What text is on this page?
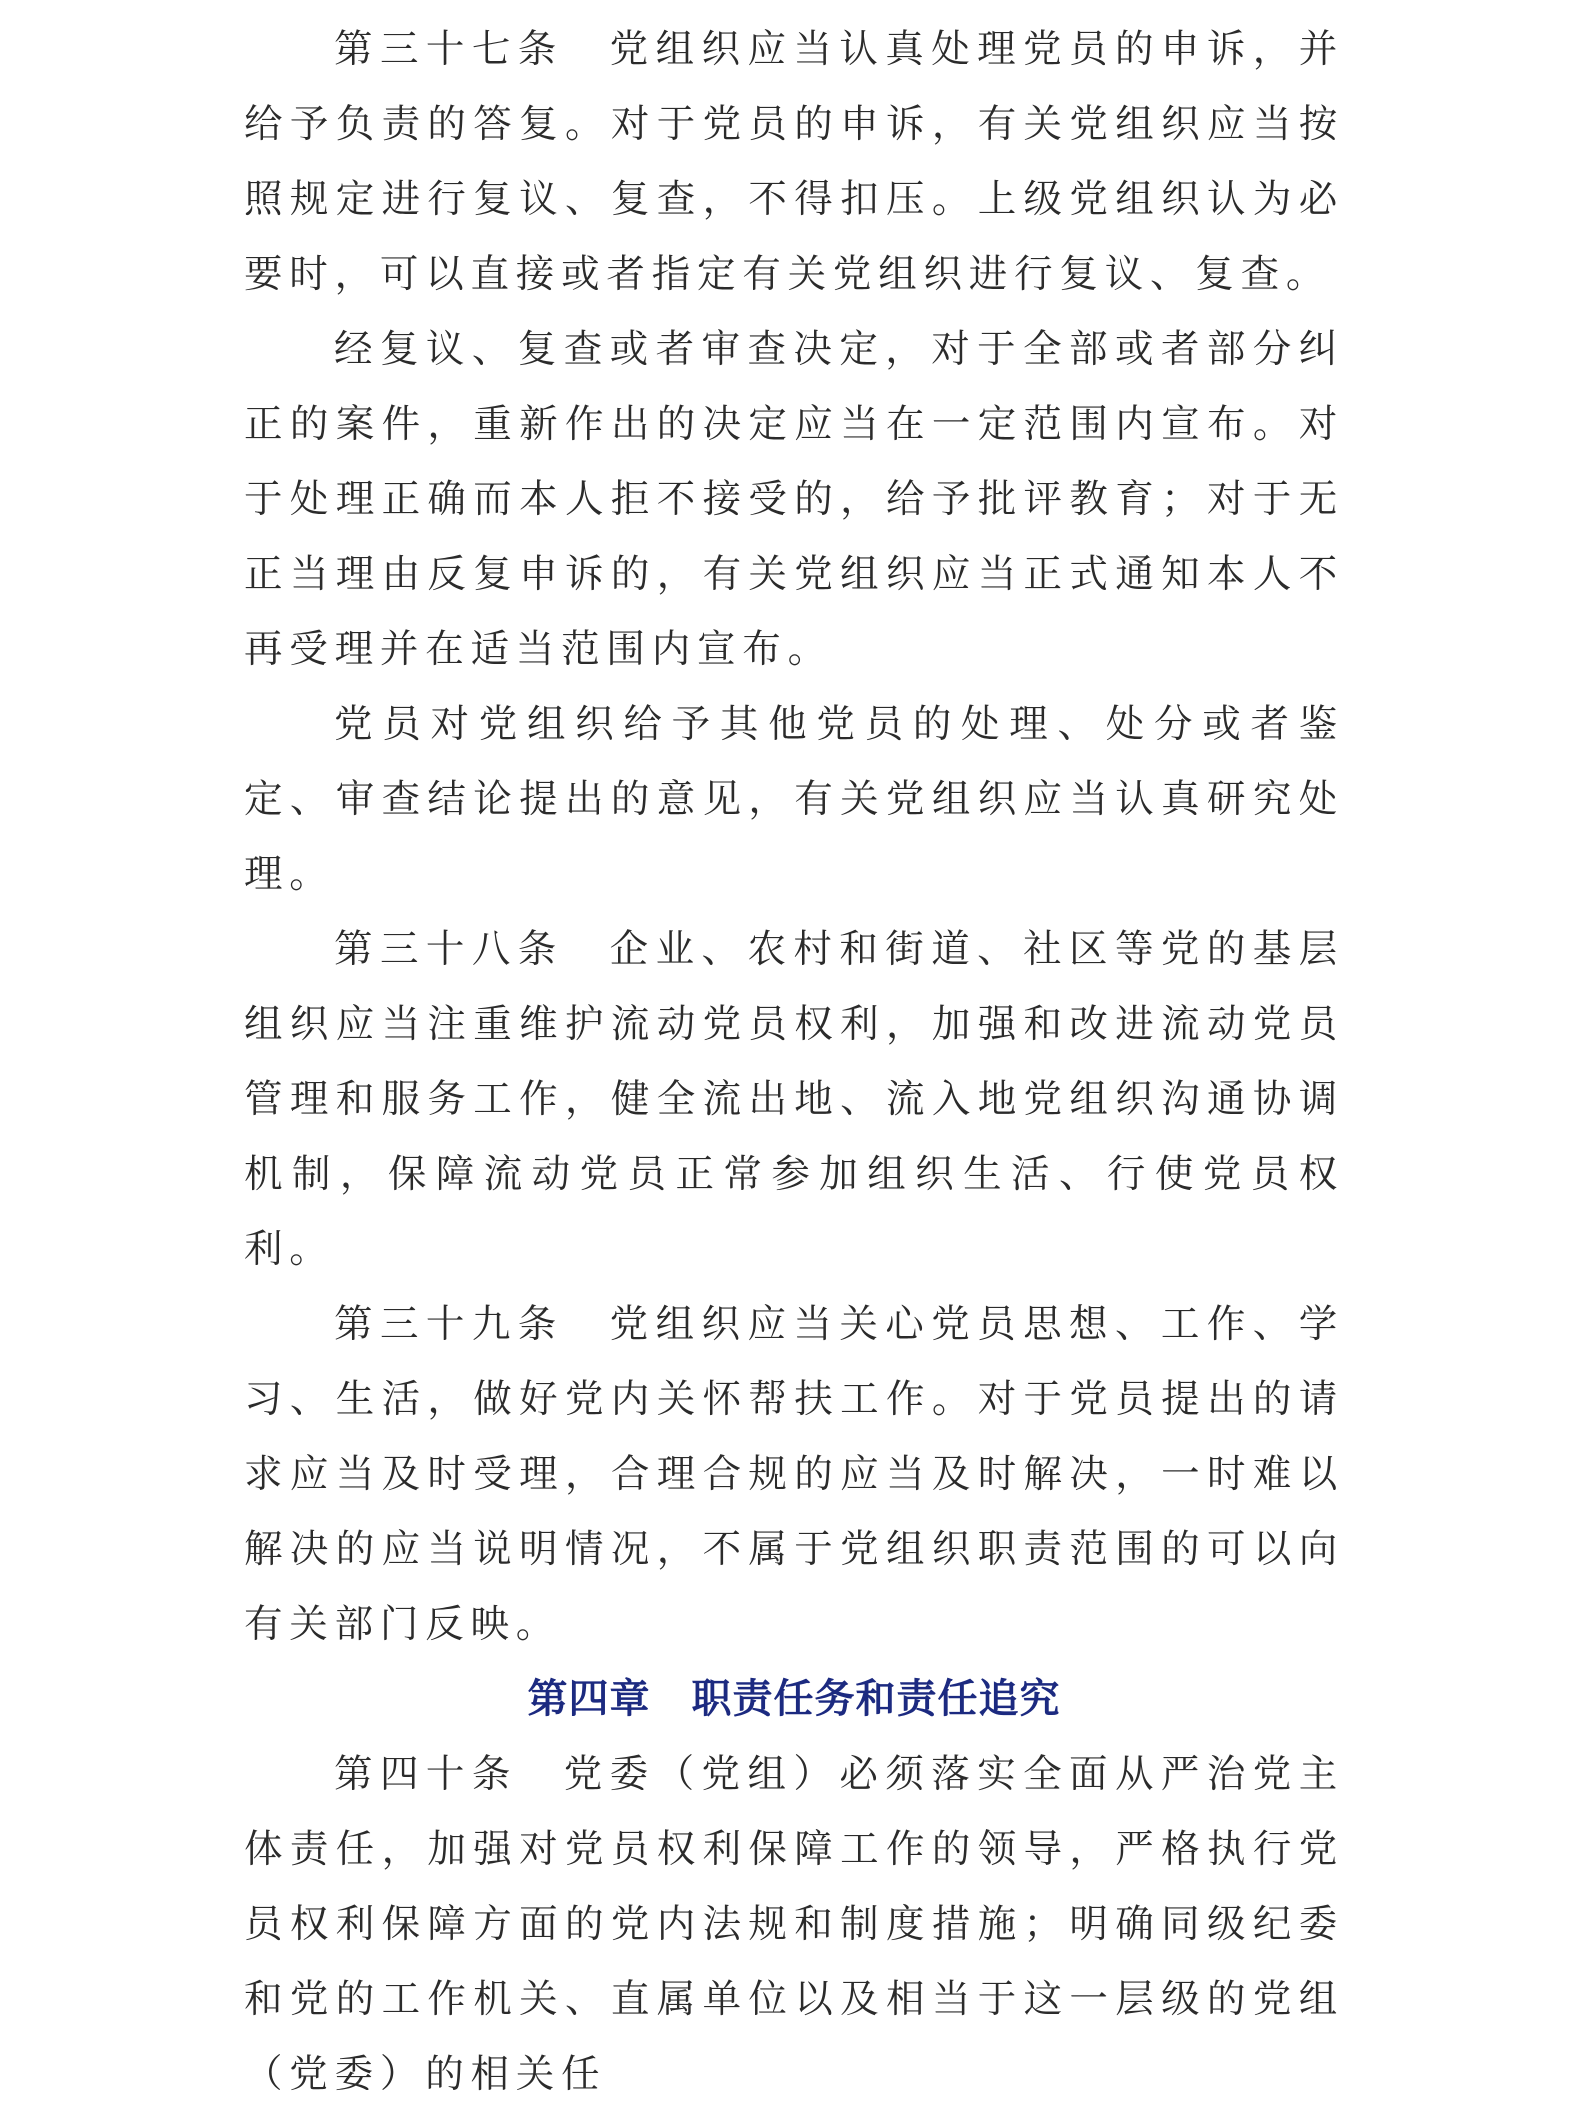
第三十七条　党组织应当认真处理党员的申诉，并给予负责的答复。对于党员的申诉，有关党组织应当按照规定进行复议、复查，不得扣压。上级党组织认为必要时，可以直接或者指定有关党组织进行复议、复查。

经复议、复查或者审查决定，对于全部或者部分纠正的案件，重新作出的决定应当在一定范围内宣布。对于处理正确而本人拒不接受的，给予批评教育；对于无正当理由反复申诉的，有关党组织应当正式通知本人不再受理并在适当范围内宣布。

党员对党组织给予其他党员的处理、处分或者鉴定、审查结论提出的意见，有关党组织应当认真研究处理。

第三十八条　企业、农村和街道、社区等党的基层组织应当注重维护流动党员权利，加强和改进流动党员管理和服务工作，健全流出地、流入地党组织沟通协调机制，保障流动党员正常参加组织生活、行使党员权利。

第三十九条　党组织应当关心党员思想、工作、学习、生活，做好党内关怀帮扶工作。对于党员提出的请求应当及时受理，合理合规的应当及时解决，一时难以解决的应当说明情况，不属于党组织职责范围的可以向有关部门反映。

第四章　职责任务和责任追究

第四十条　党委（党组）必须落实全面从严治党主体责任，加强对党员权利保障工作的领导，严格执行党员权利保障方面的党内法规和制度措施；明确同级纪委和党的工作机关、直属单位以及相当于这一层级的党组（党委）的相关任
